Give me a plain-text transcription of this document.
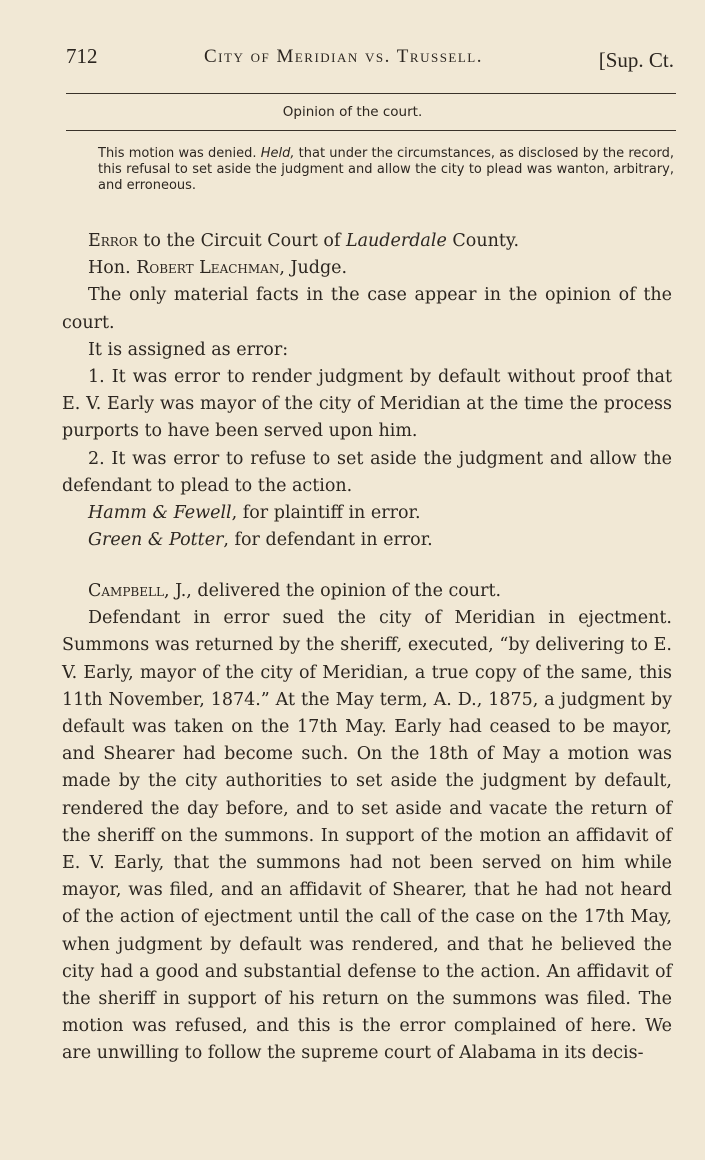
712	City of Meridian vs. Trussell.	[Sup. Ct.
Opinion of the court.

This motion was denied. Held, that under the circumstances, as disclosed by the record, this refusal to set aside the judgment and allow the city to plead was wanton, arbitrary, and erroneous.

Error to the Circuit Court of Lauderdale County.

Hon. Robert Leachman, Judge.

The only material facts in the case appear in the opinion of the court.

It is assigned as error:

1. It was error to render judgment by default without proof that E. V. Early was mayor of the city of Meridian at the time the process purports to have been served upon him.

2. It was error to refuse to set aside the judgment and allow the defendant to plead to the action.

Hamm & Fewell, for plaintiff in error.

Green & Potter, for defendant in error.

Campbell, J., delivered the opinion of the court.

Defendant in error sued the city of Meridian in ejectment. Summons was returned by the sheriff, executed, “by delivering to E. V. Early, mayor of the city of Meridian, a true copy of the same, this 11th November, 1874.” At the May term, A. D., 1875, a judgment by default was taken on the 17th May. Early had ceased to be mayor, and Shearer had become such. On the 18th of May a motion was made by the city authorities to set aside the judgment by default, rendered the day before, and to set aside and vacate the return of the sheriff on the summons. In support of the motion an affidavit of E. V. Early, that the summons had not been served on him while mayor, was filed, and an affidavit of Shearer, that he had not heard of the action of ejectment until the call of the case on the 17th May, when judgment by default was rendered, and that he believed the city had a good and substantial defense to the action. An affidavit of the sheriff in support of his return on the summons was filed. The motion was refused, and this is the error complained of here. We are unwilling to follow the supreme court of Alabama in its decis-
